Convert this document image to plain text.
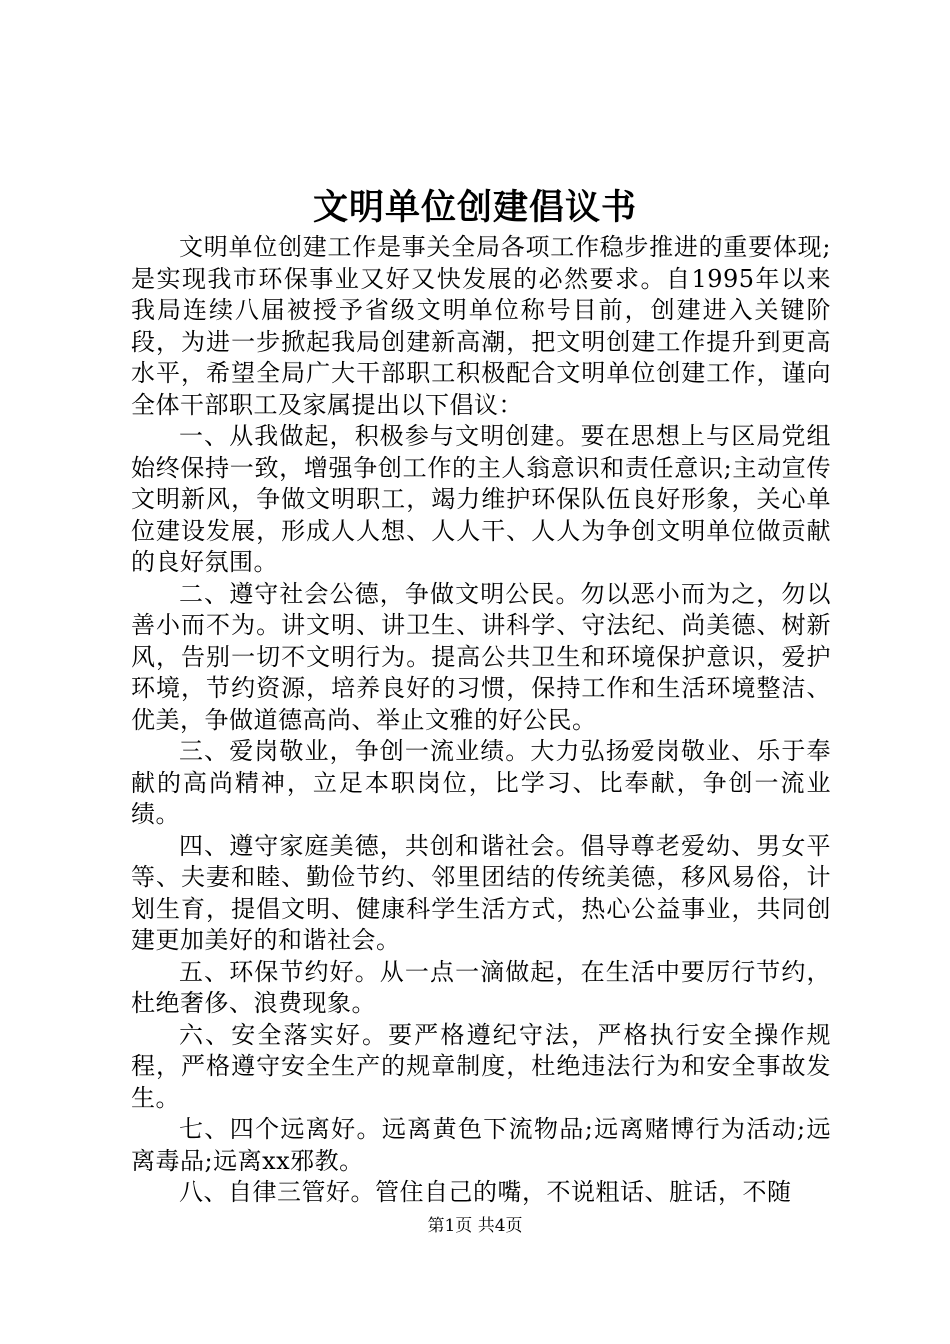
文明单位创建倡议书

文明单位创建工作是事关全局各项工作稳步推进的重要体现;是实现我市环保事业又好又快发展的必然要求。自1995年以来我局连续八届被授予省级文明单位称号目前，创建进入关键阶段，为进一步掀起我局创建新高潮，把文明创建工作提升到更高水平，希望全局广大干部职工积极配合文明单位创建工作，谨向全体干部职工及家属提出以下倡议：

一、从我做起，积极参与文明创建。要在思想上与区局党组始终保持一致，增强争创工作的主人翁意识和责任意识;主动宣传文明新风，争做文明职工，竭力维护环保队伍良好形象，关心单位建设发展，形成人人想、人人干、人人为争创文明单位做贡献的良好氛围。

二、遵守社会公德，争做文明公民。勿以恶小而为之，勿以善小而不为。讲文明、讲卫生、讲科学、守法纪、尚美德、树新风，告别一切不文明行为。提高公共卫生和环境保护意识，爱护环境，节约资源，培养良好的习惯，保持工作和生活环境整洁、优美，争做道德高尚、举止文雅的好公民。

三、爱岗敬业，争创一流业绩。大力弘扬爱岗敬业、乐于奉献的高尚精神，立足本职岗位，比学习、比奉献，争创一流业绩。

四、遵守家庭美德，共创和谐社会。倡导尊老爱幼、男女平等、夫妻和睦、勤俭节约、邻里团结的传统美德，移风易俗，计划生育，提倡文明、健康科学生活方式，热心公益事业，共同创建更加美好的和谐社会。

五、环保节约好。从一点一滴做起，在生活中要厉行节约，杜绝奢侈、浪费现象。

六、安全落实好。要严格遵纪守法，严格执行安全操作规程，严格遵守安全生产的规章制度，杜绝违法行为和安全事故发生。

七、四个远离好。远离黄色下流物品;远离赌博行为活动;远离毒品;远离xx邪教。

八、自律三管好。管住自己的嘴，不说粗话、脏话，不随

第1页 共4页
